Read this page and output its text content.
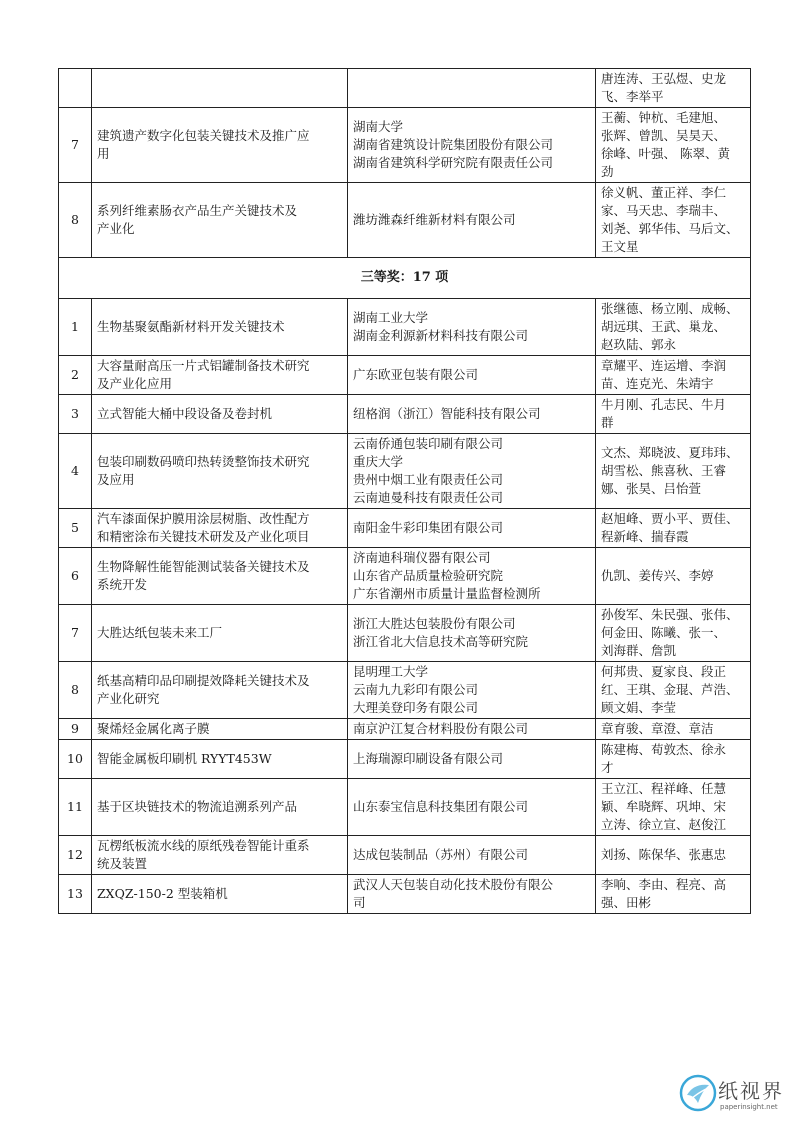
			唐连涛、王弘煜、史龙
飞、李举平

7	建筑遗产数字化包装关键技术及推广应
用	湖南大学
湖南省建筑设计院集团股份有限公司
湖南省建筑科学研究院有限责任公司	王蘅、钟杭、毛建旭、
张辉、曾凯、吴昊天、
徐峰、叶强、 陈翠、黄
劲

8	系列纤维素肠衣产品生产关键技术及
产业化	潍坊潍森纤维新材料有限公司	徐义帆、董正祥、李仁
家、马天忠、李瑞丰、
刘尧、郭华伟、马后文、
王文星

三等奖：17 项			
1	生物基聚氨酯新材料开发关键技术	湖南工业大学
湖南金利源新材料科技有限公司	张继德、杨立刚、成畅、
胡远琪、王武、巢龙、
赵玖陆、郭永

2	大容量耐高压一片式铝罐制备技术研究
及产业化应用	广东欧亚包装有限公司	章耀平、连运增、李润
苗、连克光、朱靖宇

3	立式智能大桶中段设备及卷封机	纽格润（浙江）智能科技有限公司	牛月刚、孔志民、牛月
群

4	包装印刷数码喷印热转烫整饰技术研究
及应用	云南侨通包装印刷有限公司
重庆大学
贵州中烟工业有限责任公司
云南迪曼科技有限责任公司	文杰、郑晓波、夏玮玮、
胡雪松、熊喜秋、王睿
娜、张昊、吕怡萱

5	汽车漆面保护膜用涂层树脂、改性配方
和精密涂布关键技术研发及产业化项目	南阳金牛彩印集团有限公司	赵旭峰、贾小平、贾佳、
程新峰、揣春霞

6	生物降解性能智能测试装备关键技术及
系统开发	济南迪科瑞仪器有限公司
山东省产品质量检验研究院
广东省潮州市质量计量监督检测所	仇凯、姜传兴、李婷

7	大胜达纸包装未来工厂	浙江大胜达包装股份有限公司
浙江省北大信息技术高等研究院	孙俊军、朱民强、张伟、
何金田、陈曦、张一、
刘海群、詹凯

8	纸基高精印品印刷提效降耗关键技术及
产业化研究	昆明理工大学
云南九九彩印有限公司
大理美登印务有限公司	何邦贵、夏家良、段正
红、王琪、金琨、芦浩、
顾文娟、李莹

9	聚烯烃金属化离子膜	南京沪江复合材料股份有限公司	章育骏、章澄、章洁

10	智能金属板印刷机 RYYT453W	上海瑞源印刷设备有限公司	陈建梅、荀敦杰、徐永
才

11	基于区块链技术的物流追溯系列产品	山东泰宝信息科技集团有限公司	王立江、程祥峰、任慧
颖、牟晓辉、巩坤、宋
立涛、徐立宣、赵俊江

12	瓦楞纸板流水线的原纸残卷智能计重系
统及装置	达成包装制品（苏州）有限公司	刘扬、陈保华、张惠忠

13	ZXQZ-150-2 型装箱机	武汉人天包装自动化技术股份有限公
司	李响、李由、程亮、高
强、田彬
纸视界
paperinsight.net
